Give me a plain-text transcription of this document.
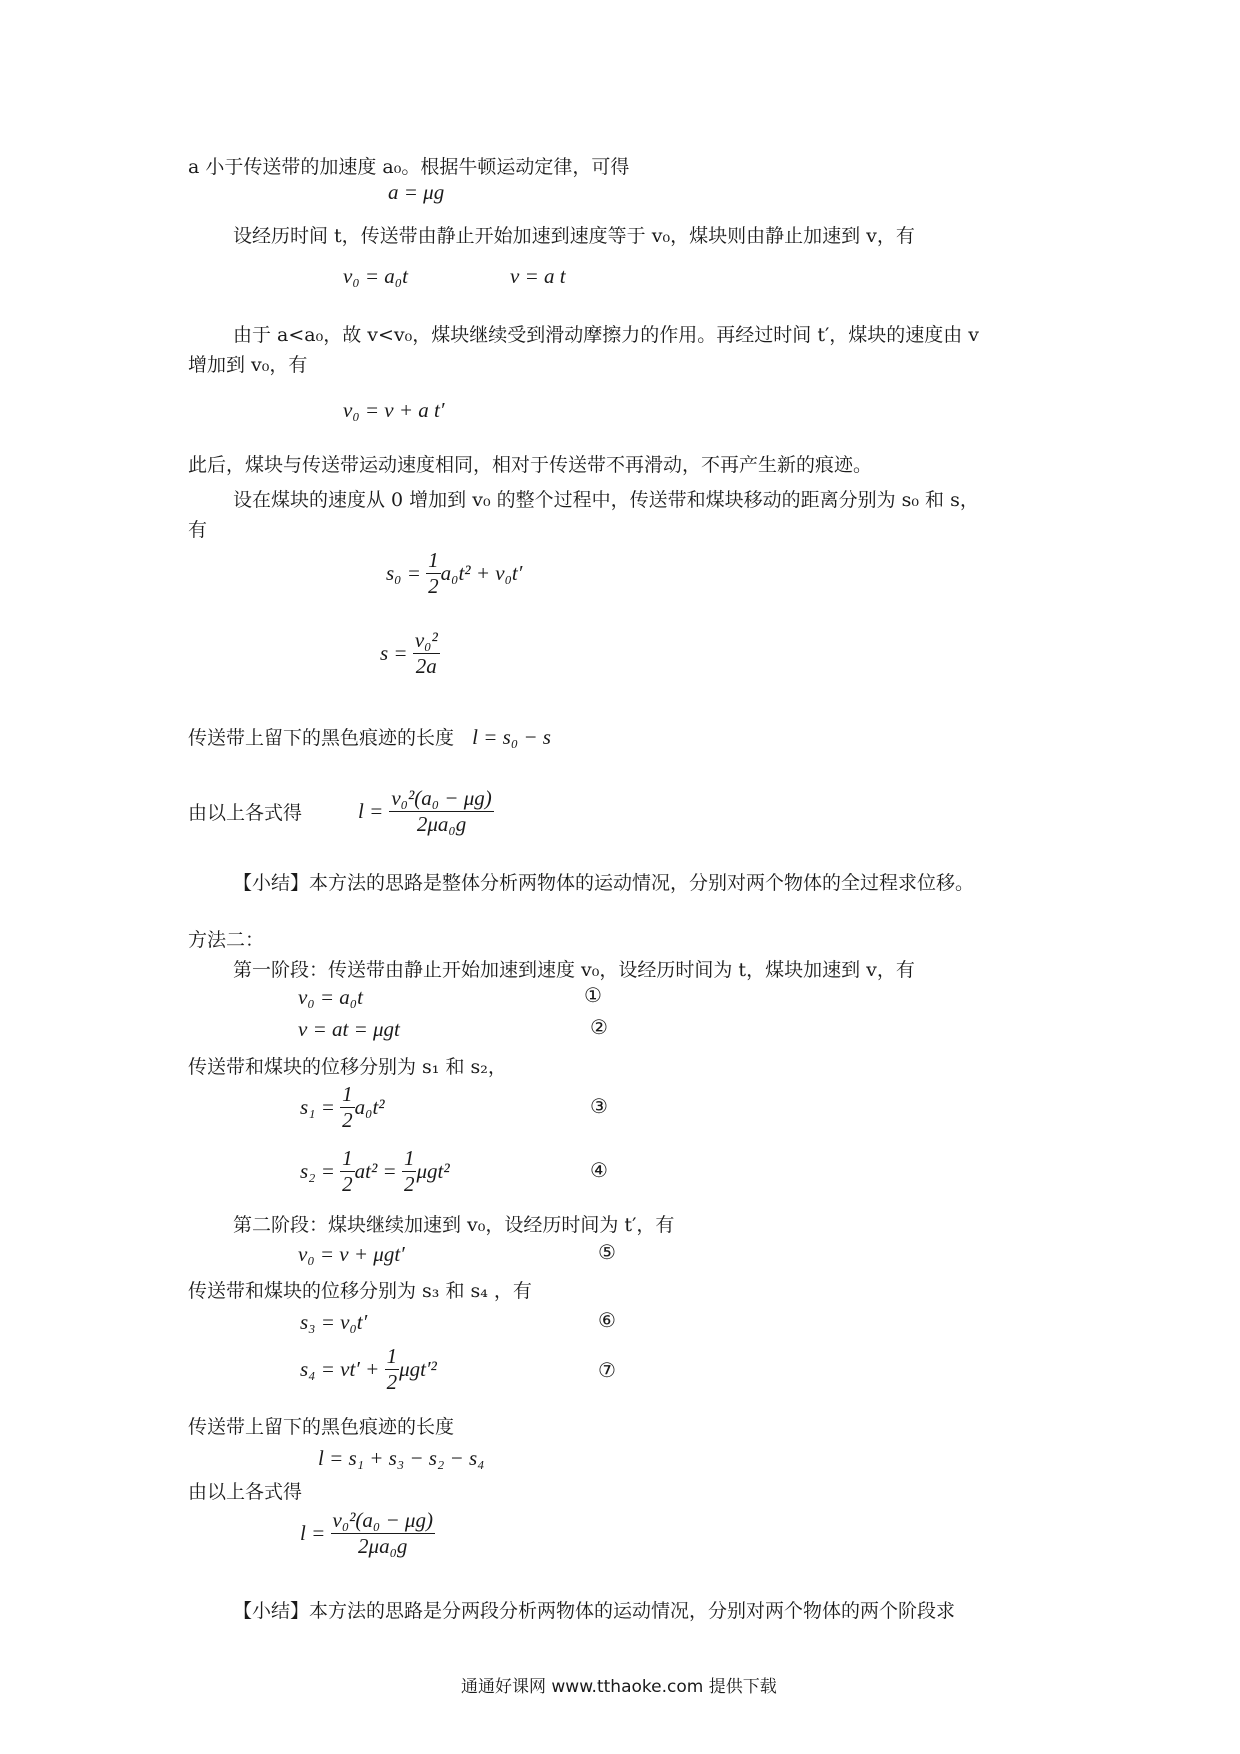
a 小于传送带的加速度 a₀。根据牛顿运动定律，可得
a = μg
设经历时间 t，传送带由静止开始加速到速度等于 v₀，煤块则由静止加速到 v，有
v₀ = a₀t	v = a t
由于 a<a₀，故 v<v₀，煤块继续受到滑动摩擦力的作用。再经过时间 t′，煤块的速度由 v
增加到 v₀，有
v₀ = v + a t′
此后，煤块与传送带运动速度相同，相对于传送带不再滑动，不再产生新的痕迹。
设在煤块的速度从 0 增加到 v₀ 的整个过程中，传送带和煤块移动的距离分别为 s₀ 和 s，
有
s₀ =
$\frac{1}{2} a_0t^2 + v_0t'$
s =
$\frac{\text{v₀²}}{2a}$
传送带上留下的黑色痕迹的长度 l = s₀ − s
由以上各式得	l =
$\frac{\text{v₀²(a₀ − μg)}}{\text{2μa₀g}}$
【小结】本方法的思路是整体分析两物体的运动情况，分别对两个物体的全过程求位移。
方法二：
第一阶段：传送带由静止开始加速到速度 v₀，设经历时间为 t，煤块加速到 v，有
v₀ = a₀t	①
v = at = μgt	②
传送带和煤块的位移分别为 s₁ 和 s₂，
s₁ =
$\frac{1}{2} a_0t^2$	③
s₂ =
$\frac{1}{2} at^2$ =
$\frac{1}{2} \mu gt^2$	④
第二阶段：煤块继续加速到 v₀，设经历时间为 t′，有
v₀ = v + μgt′	⑤
传送带和煤块的位移分别为 s₃ 和 s₄ ，有
s₃ = v₀t′	⑥
s₄ = vt′ +
$\frac{1}{2} \mu gt'^2$	⑦
传送带上留下的黑色痕迹的长度
l = s₁ + s₃ − s₂ − s₄
由以上各式得
l =
$\frac{\text{v₀²(a₀ − μg)}}{\text{2μa₀g}}$
【小结】本方法的思路是分两段分析两物体的运动情况，分别对两个物体的两个阶段求
通通好课网 www.tthaoke.com 提供下载
